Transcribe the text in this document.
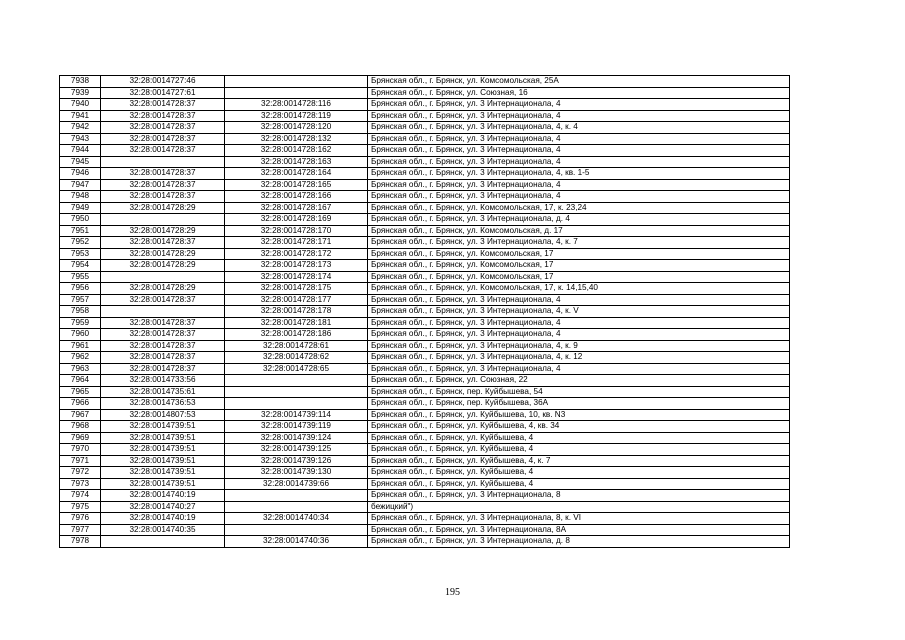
7938	32:28:0014727:46		Брянская обл., г. Брянск, ул. Комсомольская, 25А
7939	32:28:0014727:61		Брянская обл., г. Брянск, ул. Союзная, 16
7940	32:28:0014728:37	32:28:0014728:116	Брянская обл., г. Брянск, ул. 3 Интернационала, 4
7941	32:28:0014728:37	32:28:0014728:119	Брянская обл., г. Брянск, ул. 3 Интернационала, 4
7942	32:28:0014728:37	32:28:0014728:120	Брянская обл., г. Брянск, ул. 3 Интернационала, 4, к. 4
7943	32:28:0014728:37	32:28:0014728:132	Брянская обл., г. Брянск, ул. 3 Интернационала, 4
7944	32:28:0014728:37	32:28:0014728:162	Брянская обл., г. Брянск, ул. 3 Интернационала, 4
7945		32:28:0014728:163	Брянская обл., г. Брянск, ул. 3 Интернационала, 4
7946	32:28:0014728:37	32:28:0014728:164	Брянская обл., г. Брянск, ул. 3 Интернационала, 4, кв. 1-5
7947	32:28:0014728:37	32:28:0014728:165	Брянская обл., г. Брянск, ул. 3 Интернационала, 4
7948	32:28:0014728:37	32:28:0014728:166	Брянская обл., г. Брянск, ул. 3 Интернационала, 4
7949	32:28:0014728:29	32:28:0014728:167	Брянская обл., г. Брянск, ул. Комсомольская, 17, к. 23,24
7950		32:28:0014728:169	Брянская обл., г. Брянск, ул. 3 Интернационала, д. 4
7951	32:28:0014728:29	32:28:0014728:170	Брянская обл., г. Брянск, ул. Комсомольская, д. 17
7952	32:28:0014728:37	32:28:0014728:171	Брянская обл., г. Брянск, ул. 3 Интернационала, 4, к. 7
7953	32:28:0014728:29	32:28:0014728:172	Брянская обл., г. Брянск, ул. Комсомольская, 17
7954	32:28:0014728:29	32:28:0014728:173	Брянская обл., г. Брянск, ул. Комсомольская, 17
7955		32:28:0014728:174	Брянская обл., г. Брянск, ул. Комсомольская, 17
7956	32:28:0014728:29	32:28:0014728:175	Брянская обл., г. Брянск, ул. Комсомольская, 17, к. 14,15,40
7957	32:28:0014728:37	32:28:0014728:177	Брянская обл., г. Брянск, ул. 3 Интернационала, 4
7958		32:28:0014728:178	Брянская обл., г. Брянск, ул. 3 Интернационала, 4, к. V
7959	32:28:0014728:37	32:28:0014728:181	Брянская обл., г. Брянск, ул. 3 Интернационала, 4
7960	32:28:0014728:37	32:28:0014728:186	Брянская обл., г. Брянск, ул. 3 Интернационала, 4
7961	32:28:0014728:37	32:28:0014728:61	Брянская обл., г. Брянск, ул. 3 Интернационала, 4, к. 9
7962	32:28:0014728:37	32:28:0014728:62	Брянская обл., г. Брянск, ул. 3 Интернационала, 4, к. 12
7963	32:28:0014728:37	32:28:0014728:65	Брянская обл., г. Брянск, ул. 3 Интернационала, 4
7964	32:28:0014733:56		Брянская обл., г. Брянск, ул. Союзная, 22
7965	32:28:0014735:61		Брянская обл., г. Брянск, пер. Куйбышева, 54
7966	32:28:0014736:53		Брянская обл., г. Брянск, пер. Куйбышева, 36А
7967	32:28:0014807:53	32:28:0014739:114	Брянская обл., г. Брянск, ул. Куйбышева, 10, кв. N3
7968	32:28:0014739:51	32:28:0014739:119	Брянская обл., г. Брянск, ул. Куйбышева, 4, кв. 34
7969	32:28:0014739:51	32:28:0014739:124	Брянская обл., г. Брянск, ул. Куйбышева, 4
7970	32:28:0014739:51	32:28:0014739:125	Брянская обл., г. Брянск, ул. Куйбышева, 4
7971	32:28:0014739:51	32:28:0014739:126	Брянская обл., г. Брянск, ул. Куйбышева, 4, к. 7
7972	32:28:0014739:51	32:28:0014739:130	Брянская обл., г. Брянск, ул. Куйбышева, 4
7973	32:28:0014739:51	32:28:0014739:66	Брянская обл., г. Брянск, ул. Куйбышева, 4
7974	32:28:0014740:19		Брянская обл., г. Брянск, ул. 3 Интернационала, 8
7975	32:28:0014740:27		бежицкий")
7976	32:28:0014740:19	32:28:0014740:34	Брянская обл., г. Брянск, ул. 3 Интернационала, 8, к. VI
7977	32:28:0014740:35		Брянская обл., г. Брянск, ул. 3 Интернационала, 8А
7978		32:28:0014740:36	Брянская обл., г. Брянск, ул. 3 Интернационала, д. 8
195
